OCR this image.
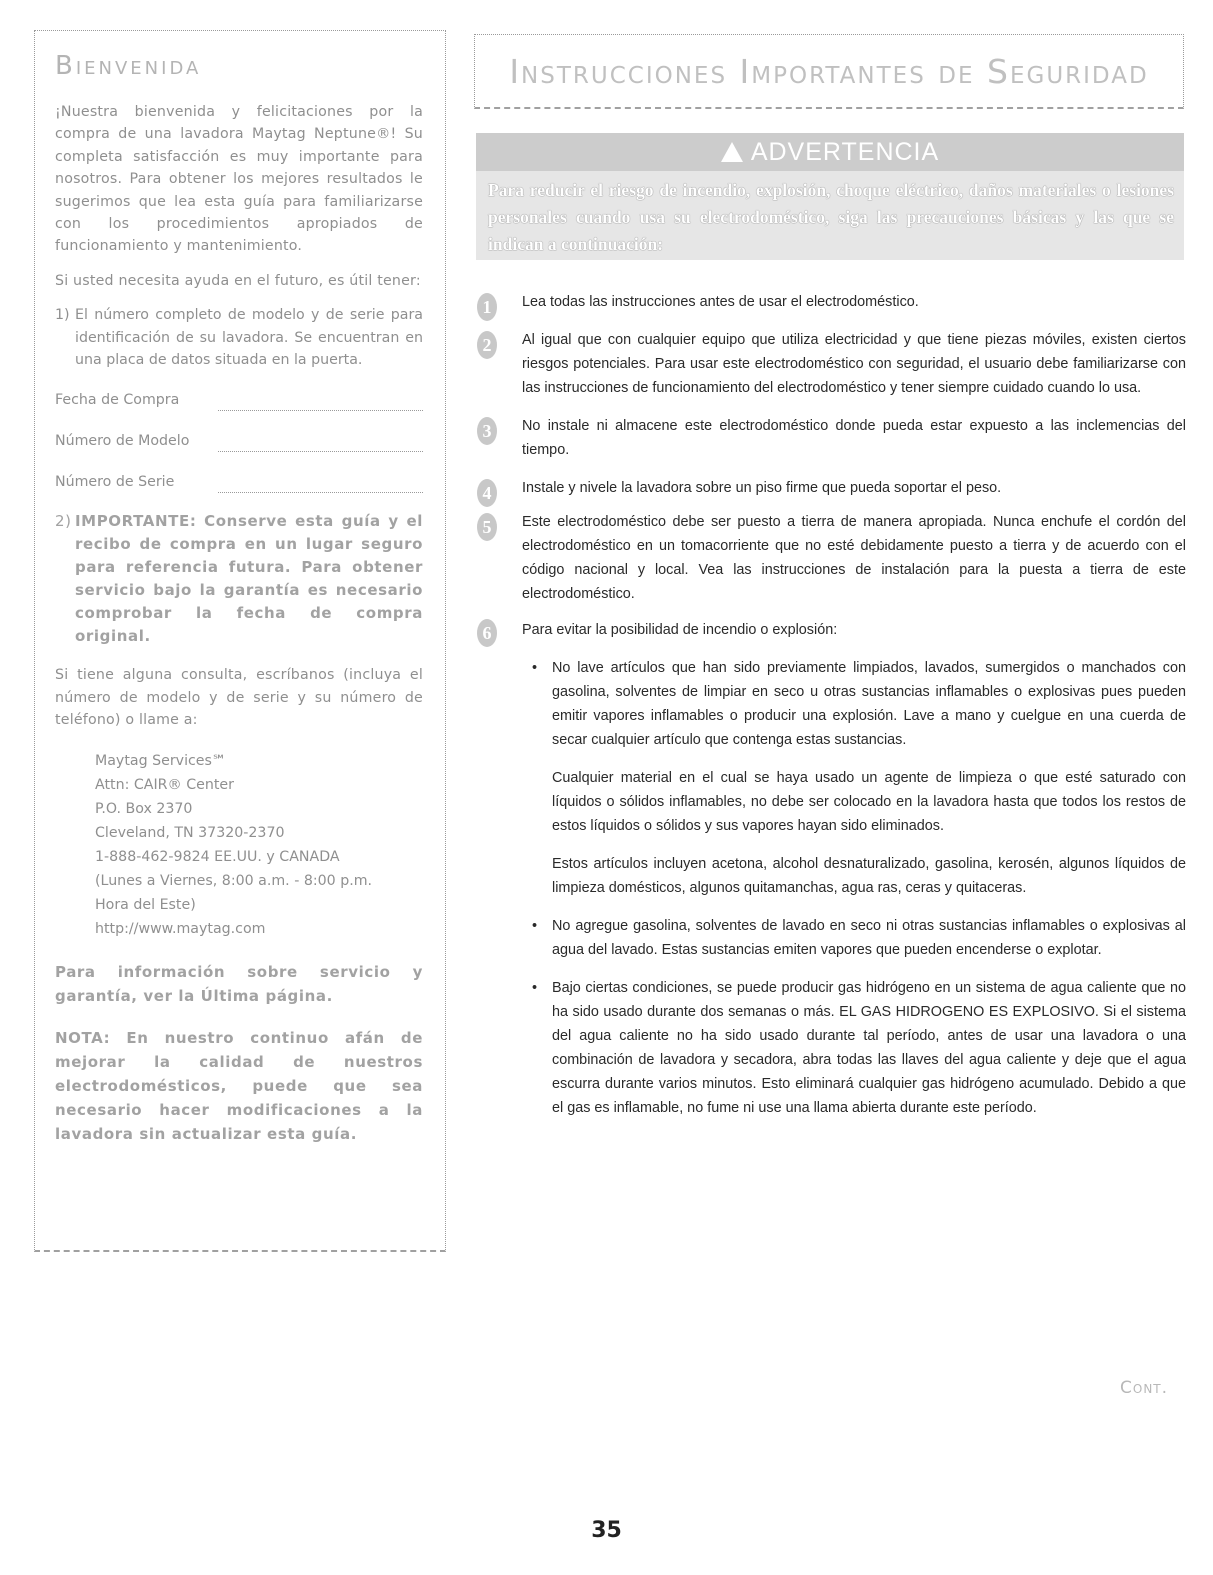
Bienvenida

¡Nuestra bienvenida y felicitaciones por la compra de una lavadora Maytag Neptune®! Su completa satisfacción es muy importante para nosotros. Para obtener los mejores resultados le sugerimos que lea esta guía para familiarizarse con los procedimientos apropiados de funcionamiento y mantenimiento.

Si usted necesita ayuda en el futuro, es útil tener:

1) El número completo de modelo y de serie para identificación de su lavadora. Se encuentran en una placa de datos situada en la puerta.
Fecha de Compra
Número de Modelo
Número de Serie
2) IMPORTANTE: Conserve esta guía y el recibo de compra en un lugar seguro para referencia futura. Para obtener servicio bajo la garantía es necesario comprobar la fecha de compra original.

Si tiene alguna consulta, escríbanos (incluya el número de modelo y de serie y su número de teléfono) o llame a:

Maytag Services℠
Attn: CAIR® Center
P.O. Box 2370
Cleveland, TN 37320-2370
1-888-462-9824 EE.UU. y CANADA
(Lunes a Viernes, 8:00 a.m. - 8:00 p.m.
Hora del Este)
http://www.maytag.com

Para información sobre servicio y garantía, ver la Última página.

NOTA: En nuestro continuo afán de mejorar la calidad de nuestros electrodomésticos, puede que sea necesario hacer modificaciones a la lavadora sin actualizar esta guía.

Instrucciones Importantes de Seguridad
ADVERTENCIA

Para reducir el riesgo de incendio, explosión, choque eléctrico, daños materiales o lesiones personales cuando usa su electrodoméstico, siga las precauciones básicas y las que se indican a continuación:

1 Lea todas las instrucciones antes de usar el electrodoméstico.
2 Al igual que con cualquier equipo que utiliza electricidad y que tiene piezas móviles, existen ciertos riesgos potenciales. Para usar este electrodoméstico con seguridad, el usuario debe familiarizarse con las instrucciones de funcionamiento del electrodoméstico y tener siempre cuidado cuando lo usa.
3 No instale ni almacene este electrodoméstico donde pueda estar expuesto a las inclemencias del tiempo.
4 Instale y nivele la lavadora sobre un piso firme que pueda soportar el peso.
5 Este electrodoméstico debe ser puesto a tierra de manera apropiada. Nunca enchufe el cordón del electrodoméstico en un tomacorriente que no esté debidamente puesto a tierra y de acuerdo con el código nacional y local. Vea las instrucciones de instalación para la puesta a tierra de este electrodoméstico.
6	Para evitar la posibilidad de incendio o explosión:

• No lave artículos que han sido previamente limpiados, lavados, sumergidos o manchados con gasolina, solventes de limpiar en seco u otras sustancias inflamables o explosivas pues pueden emitir vapores inflamables o producir una explosión. Lave a mano y cuelgue en una cuerda de secar cualquier artículo que contenga estas sustancias.

Cualquier material en el cual se haya usado un agente de limpieza o que esté saturado con líquidos o sólidos inflamables, no debe ser colocado en la lavadora hasta que todos los restos de estos líquidos o sólidos y sus vapores hayan sido eliminados.

Estos artículos incluyen acetona, alcohol desnaturalizado, gasolina, kerosén, algunos líquidos de limpieza domésticos, algunos quitamanchas, agua ras, ceras y quitaceras.

• No agregue gasolina, solventes de lavado en seco ni otras sustancias inflamables o explosivas al agua del lavado. Estas sustancias emiten vapores que pueden encenderse o explotar.
• Bajo ciertas condiciones, se puede producir gas hidrógeno en un sistema de agua caliente que no ha sido usado durante dos semanas o más. EL GAS HIDROGENO ES EXPLOSIVO. Si el sistema del agua caliente no ha sido usado durante tal período, antes de usar una lavadora o una combinación de lavadora y secadora, abra todas las llaves del agua caliente y deje que el agua escurra durante varios minutos. Esto eliminará cualquier gas hidrógeno acumulado. Debido a que el gas es inflamable, no fume ni use una llama abierta durante este período.
Cont.
35
